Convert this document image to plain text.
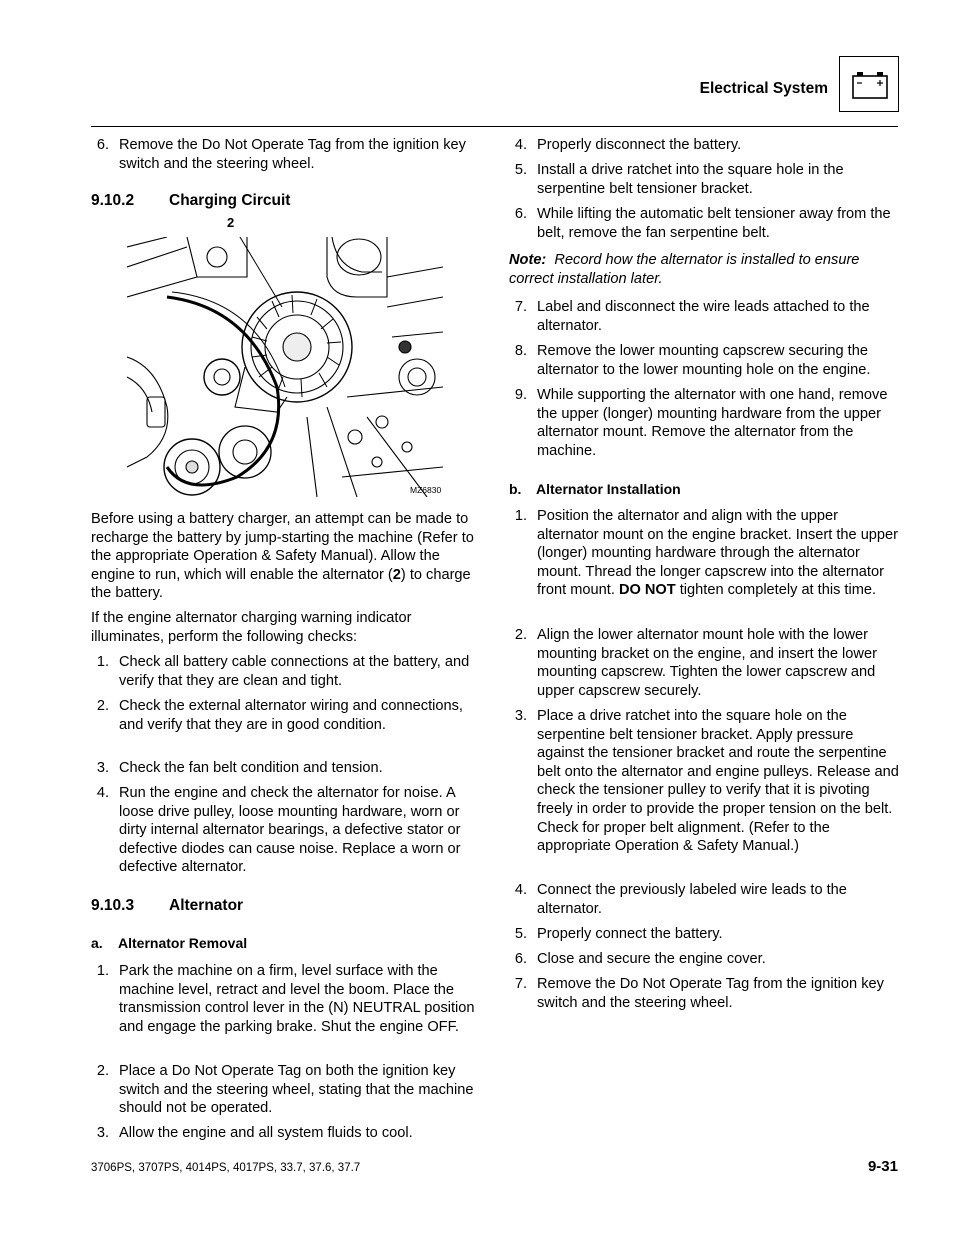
Electrical System
6. Remove the Do Not Operate Tag from the ignition key switch and the steering wheel.
9.10.2 Charging Circuit
2
MZ6830
Before using a battery charger, an attempt can be made to recharge the battery by jump-starting the machine (Refer to the appropriate Operation & Safety Manual). Allow the engine to run, which will enable the alternator (2) to charge the battery.
If the engine alternator charging warning indicator illuminates, perform the following checks:
1. Check all battery cable connections at the battery, and verify that they are clean and tight.
2. Check the external alternator wiring and connections, and verify that they are in good condition.
3. Check the fan belt condition and tension.
4. Run the engine and check the alternator for noise. A loose drive pulley, loose mounting hardware, worn or dirty internal alternator bearings, a defective stator or defective diodes can cause noise. Replace a worn or defective alternator.
9.10.3 Alternator
a. Alternator Removal
1. Park the machine on a firm, level surface with the machine level, retract and level the boom. Place the transmission control lever in the (N) NEUTRAL position and engage the parking brake. Shut the engine OFF.
2. Place a Do Not Operate Tag on both the ignition key switch and the steering wheel, stating that the machine should not be operated.
3. Allow the engine and all system fluids to cool.
4. Properly disconnect the battery.
5. Install a drive ratchet into the square hole in the serpentine belt tensioner bracket.
6. While lifting the automatic belt tensioner away from the belt, remove the fan serpentine belt.
Note: Record how the alternator is installed to ensure correct installation later.
7. Label and disconnect the wire leads attached to the alternator.
8. Remove the lower mounting capscrew securing the alternator to the lower mounting hole on the engine.
9. While supporting the alternator with one hand, remove the upper (longer) mounting hardware from the upper alternator mount. Remove the alternator from the machine.
b. Alternator Installation
1. Position the alternator and align with the upper alternator mount on the engine bracket. Insert the upper (longer) mounting hardware through the alternator mount. Thread the longer capscrew into the alternator front mount. DO NOT tighten completely at this time.
2. Align the lower alternator mount hole with the lower mounting bracket on the engine, and insert the lower mounting capscrew. Tighten the lower capscrew and upper capscrew securely.
3. Place a drive ratchet into the square hole on the serpentine belt tensioner bracket. Apply pressure against the tensioner bracket and route the serpentine belt onto the alternator and engine pulleys. Release and check the tensioner pulley to verify that it is pivoting freely in order to provide the proper tension on the belt. Check for proper belt alignment. (Refer to the appropriate Operation & Safety Manual.)
4. Connect the previously labeled wire leads to the alternator.
5. Properly connect the battery.
6. Close and secure the engine cover.
7. Remove the Do Not Operate Tag from the ignition key switch and the steering wheel.
3706PS, 3707PS, 4014PS, 4017PS, 33.7, 37.6, 37.7	9-31
